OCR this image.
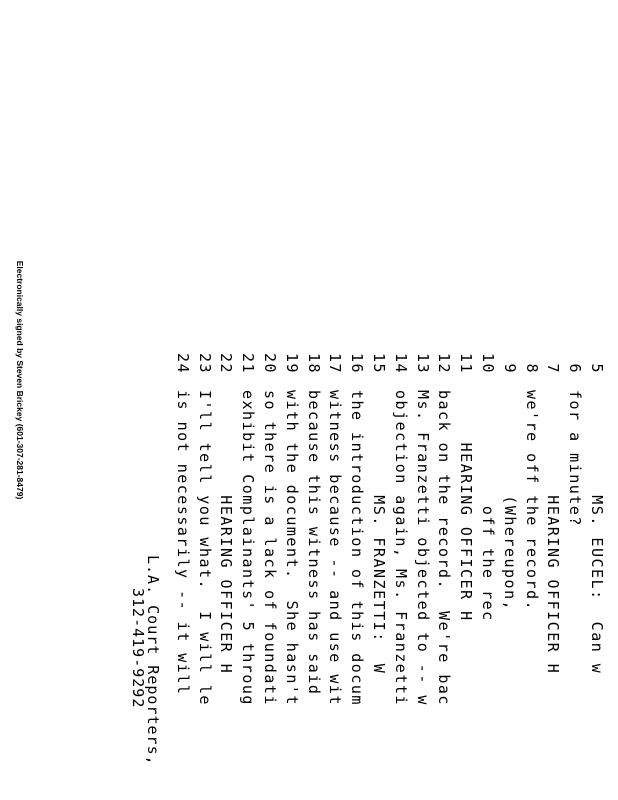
Electronically signed by Steven Brickey (601-307-281-8479)	5          MS. EUCEL:  Can w
6for a minute?
7          HEARING OFFICER H
8we're off the record.
9          (Whereupon,
10           off the rec
11     HEARING OFFICER H
12back on the record.  We're bac
13Ms. Franzetti objected to -- w
14objection again, Ms. Franzetti
15          MS. FRANZETTI:  W
16the introduction of this docum
17witness because -- and use wit
18because this witness has said
19with the document.  She hasn't
20so there is a lack of foundati
21exhibit Complainants' 5 throug
22          HEARING OFFICER H
23I'll tell you what.  I will le
24is not necessarily -- it will
L.A. Court Reporters,
312-419-9292
